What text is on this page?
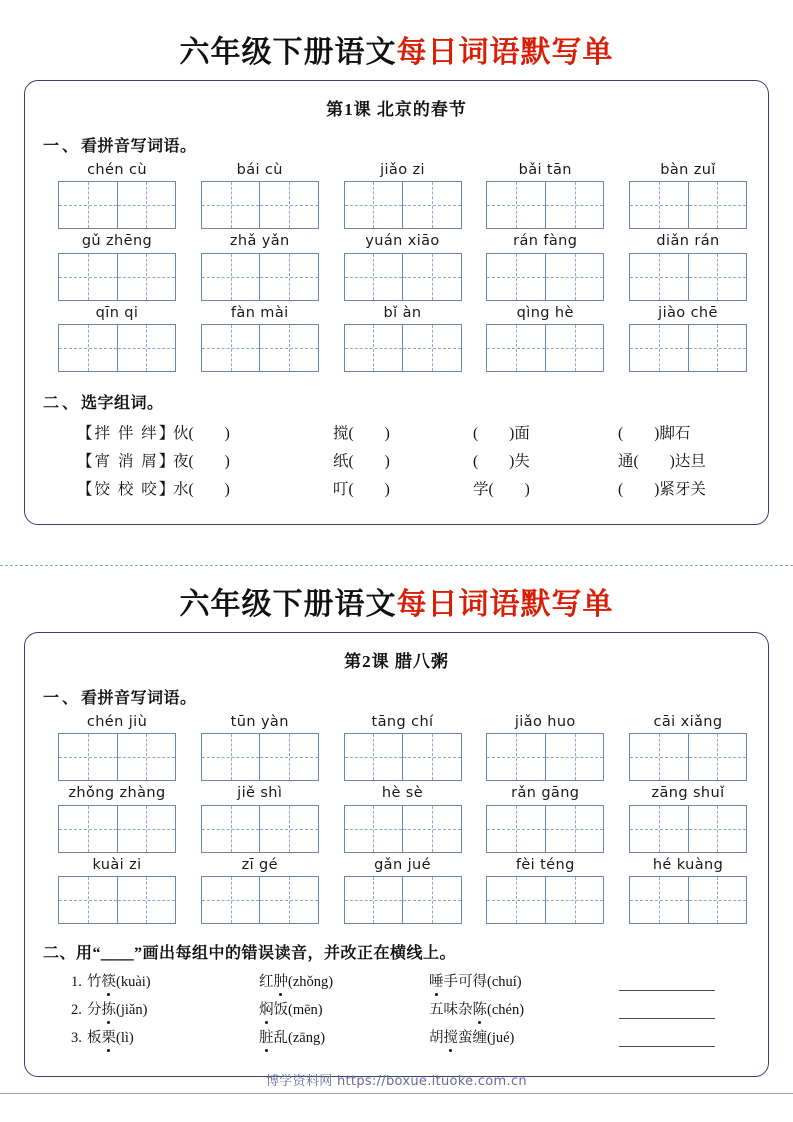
六年级下册语文每日词语默写单
第1课 北京的春节
一、看拼音写词语。
chén cù	bái cù	jiǎo zi	bǎi tān	bàn zuǐ
gǔ zhēng	zhǎ yǎn	yuán xiāo	rán fàng	diǎn rán
qīn qi	fàn mài	bǐ àn	qìng hè	jiào chē
二、选字组词。
【拌 伴 绊】
伙(　　)	搅(　　)	(　　)面	(　　)脚石
【宵 消 屑】
夜(　　)	纸(　　)	(　　)失	通(　　)达旦
【饺 校 咬】
水(　　)	叮(　　)	学(　　)	(　　)紧牙关
六年级下册语文每日词语默写单
第2课 腊八粥
一、看拼音写词语。
chén jiù	tūn yàn	tāng chí	jiǎo huo	cāi xiǎng
zhǒng zhàng	jiě shì	hè sè	rǎn gāng	zāng shuǐ
kuài zi	zī gé	gǎn jué	fèi téng	hé kuàng
二、用“＿＿”画出每组中的错误读音，并改正在横线上。
1. 竹筷(kuài)	红肿(zhǒng)	唾手可得(chuí)
2. 分拣(jiǎn)	焖饭(mēn)	五味杂陈(chén)
3. 板栗(lì)	脏乱(zāng)	胡搅蛮缠(jué)
博学资料网 https://boxue.ituoke.com.cn
